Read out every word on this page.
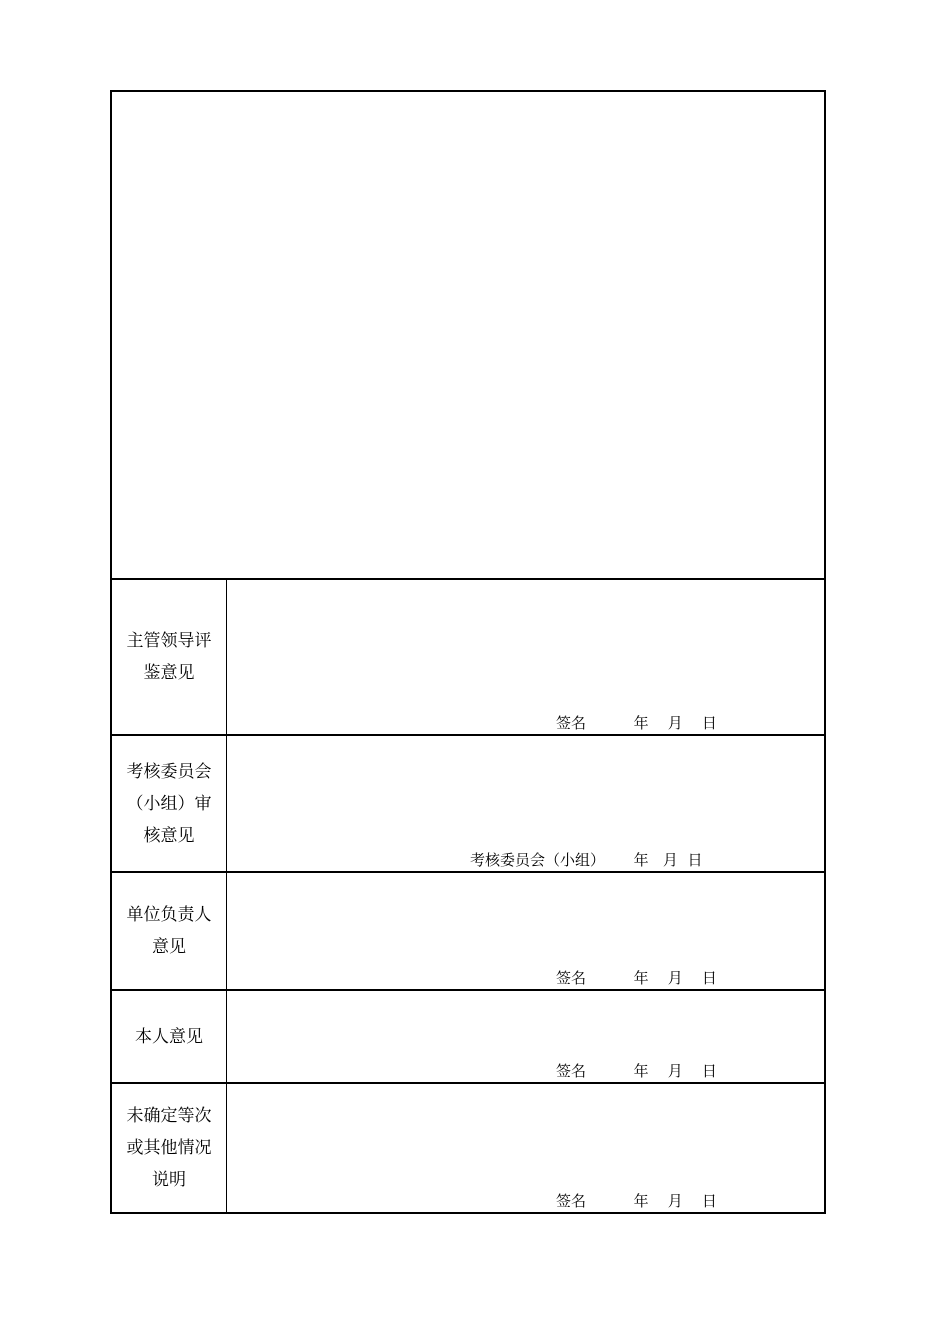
主管领导评鉴意见
签名          年    月    日
考核委员会（小组）审核意见
考核委员会（小组）      年   月  日
单位负责人意见
签名          年    月    日
本人意见
签名          年    月    日
未确定等次或其他情况说明
签名          年    月    日
